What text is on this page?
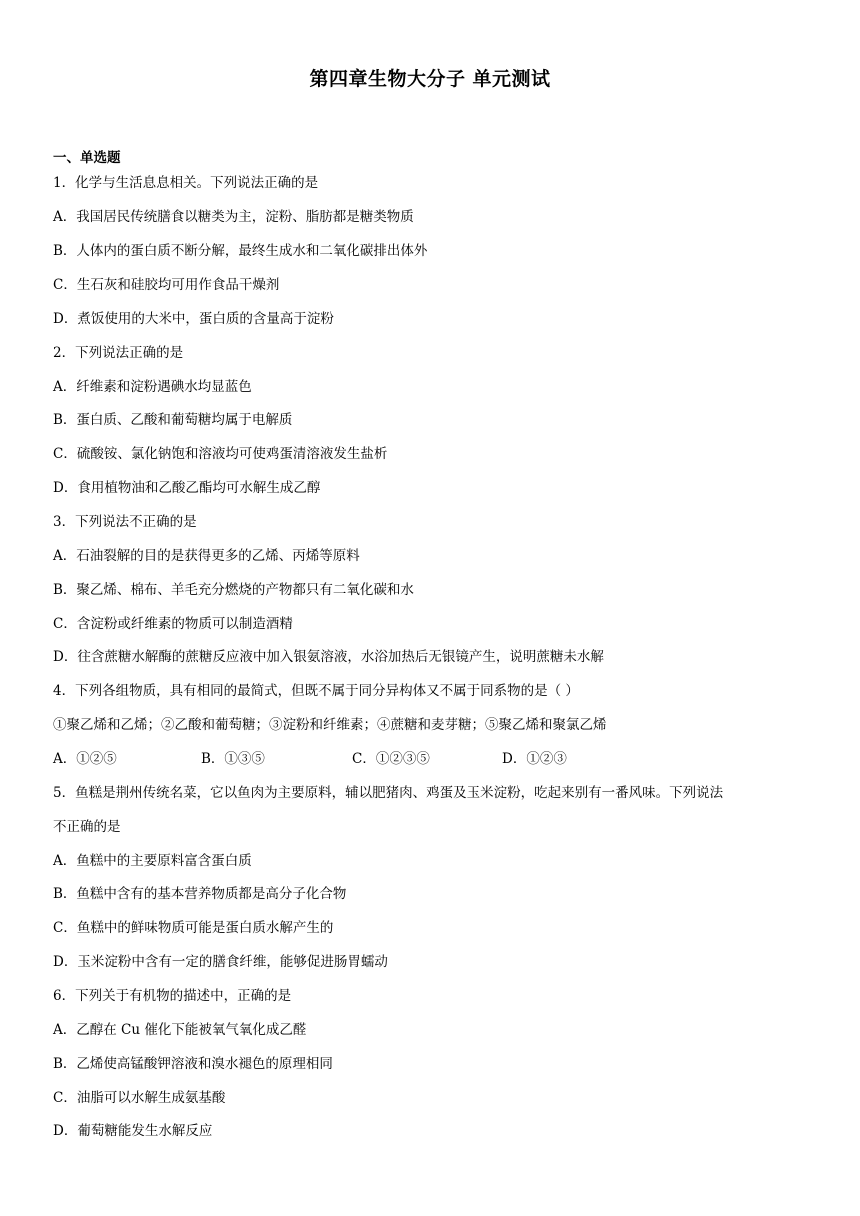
第四章生物大分子 单元测试
一、单选题
1．化学与生活息息相关。下列说法正确的是
A．我国居民传统膳食以糖类为主，淀粉、脂肪都是糖类物质
B．人体内的蛋白质不断分解，最终生成水和二氧化碳排出体外
C．生石灰和硅胶均可用作食品干燥剂
D．煮饭使用的大米中，蛋白质的含量高于淀粉
2．下列说法正确的是
A．纤维素和淀粉遇碘水均显蓝色
B．蛋白质、乙酸和葡萄糖均属于电解质
C．硫酸铵、氯化钠饱和溶液均可使鸡蛋清溶液发生盐析
D．食用植物油和乙酸乙酯均可水解生成乙醇
3．下列说法不正确的是
A．石油裂解的目的是获得更多的乙烯、丙烯等原料
B．聚乙烯、棉布、羊毛充分燃烧的产物都只有二氧化碳和水
C．含淀粉或纤维素的物质可以制造酒精
D．往含蔗糖水解酶的蔗糖反应液中加入银氨溶液，水浴加热后无银镜产生，说明蔗糖未水解
4．下列各组物质，具有相同的最简式，但既不属于同分异构体又不属于同系物的是（ ）
①聚乙烯和乙烯；②乙酸和葡萄糖；③淀粉和纤维素；④蔗糖和麦芽糖；⑤聚乙烯和聚氯乙烯
A．①②⑤	B．①③⑤	C．①②③⑤	D．①②③
5．鱼糕是荆州传统名菜，它以鱼肉为主要原料，辅以肥猪肉、鸡蛋及玉米淀粉，吃起来别有一番风味。下列说法
不正确的是
A．鱼糕中的主要原料富含蛋白质
B．鱼糕中含有的基本营养物质都是高分子化合物
C．鱼糕中的鲜味物质可能是蛋白质水解产生的
D．玉米淀粉中含有一定的膳食纤维，能够促进肠胃蠕动
6．下列关于有机物的描述中，正确的是
A．乙醇在 Cu 催化下能被氧气氧化成乙醛
B．乙烯使高锰酸钾溶液和溴水褪色的原理相同
C．油脂可以水解生成氨基酸
D．葡萄糖能发生水解反应
